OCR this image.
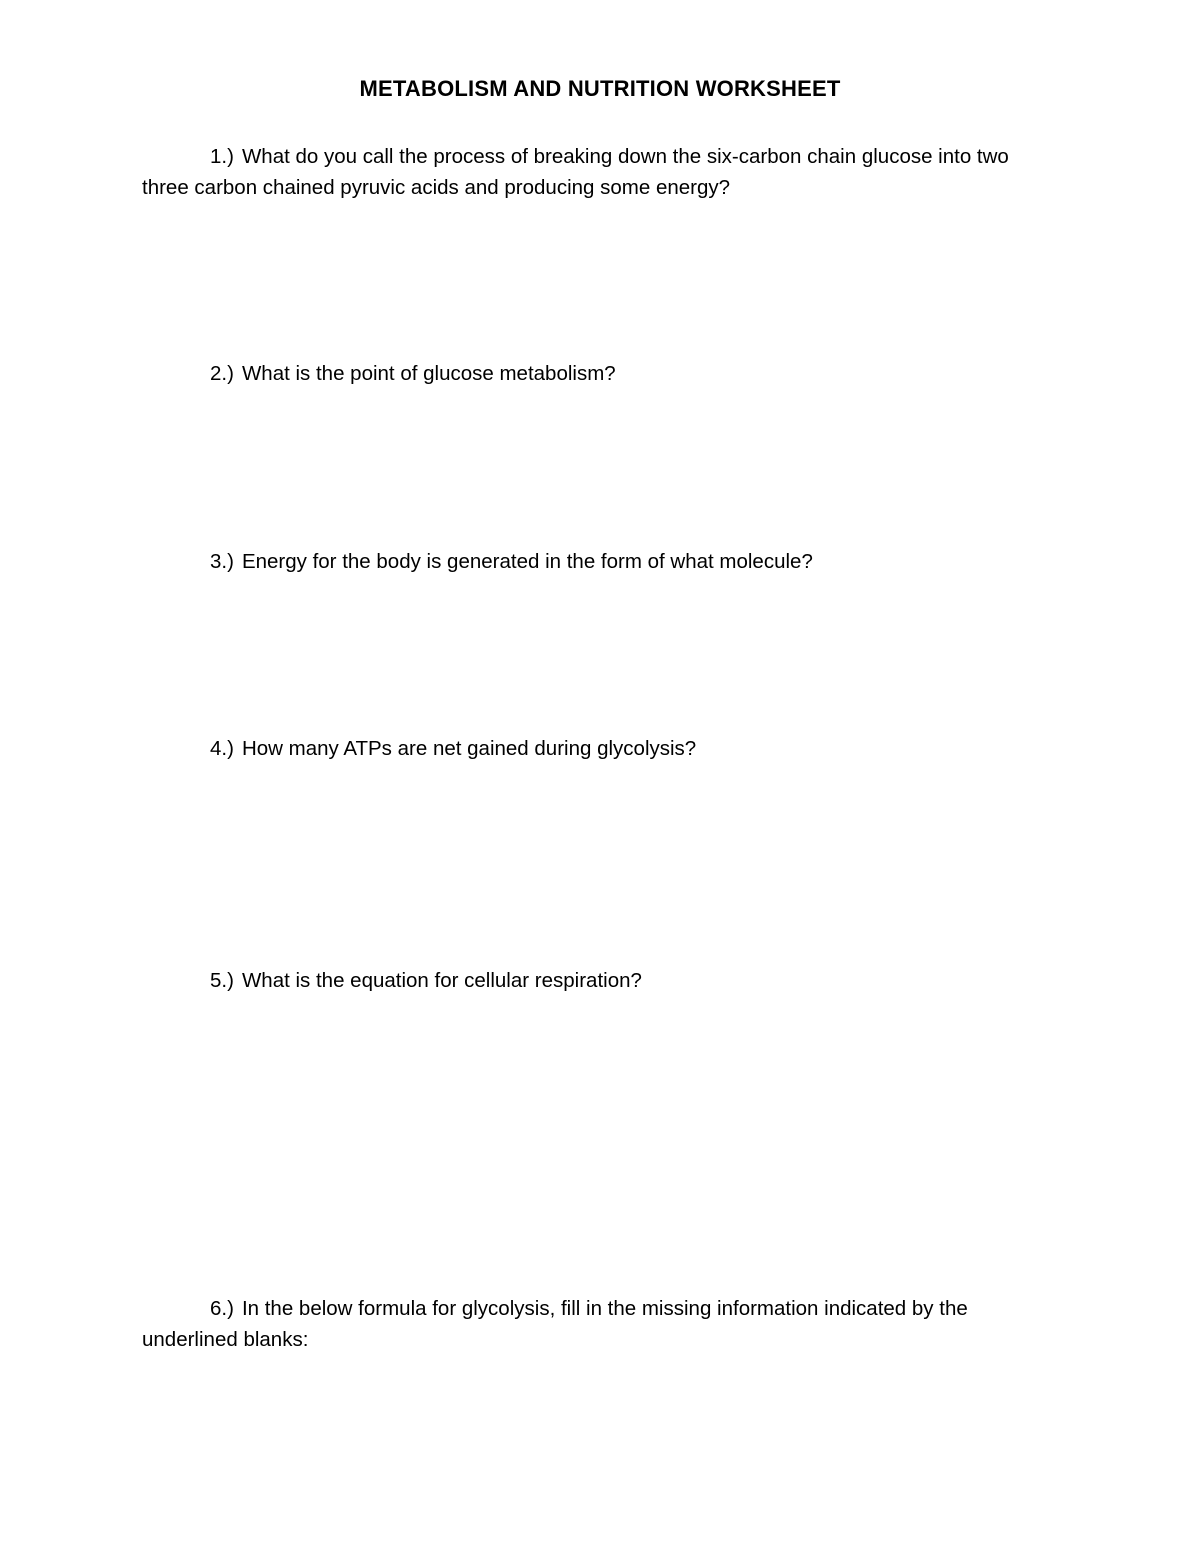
METABOLISM AND NUTRITION WORKSHEET
1.) What do you call the process of breaking down the six-carbon chain glucose into two three carbon chained pyruvic acids and producing some energy?
2.) What is the point of glucose metabolism?
3.) Energy for the body is generated in the form of what molecule?
4.) How many ATPs are net gained during glycolysis?
5.) What is the equation for cellular respiration?
6.) In the below formula for glycolysis, fill in the missing information indicated by the underlined blanks:
